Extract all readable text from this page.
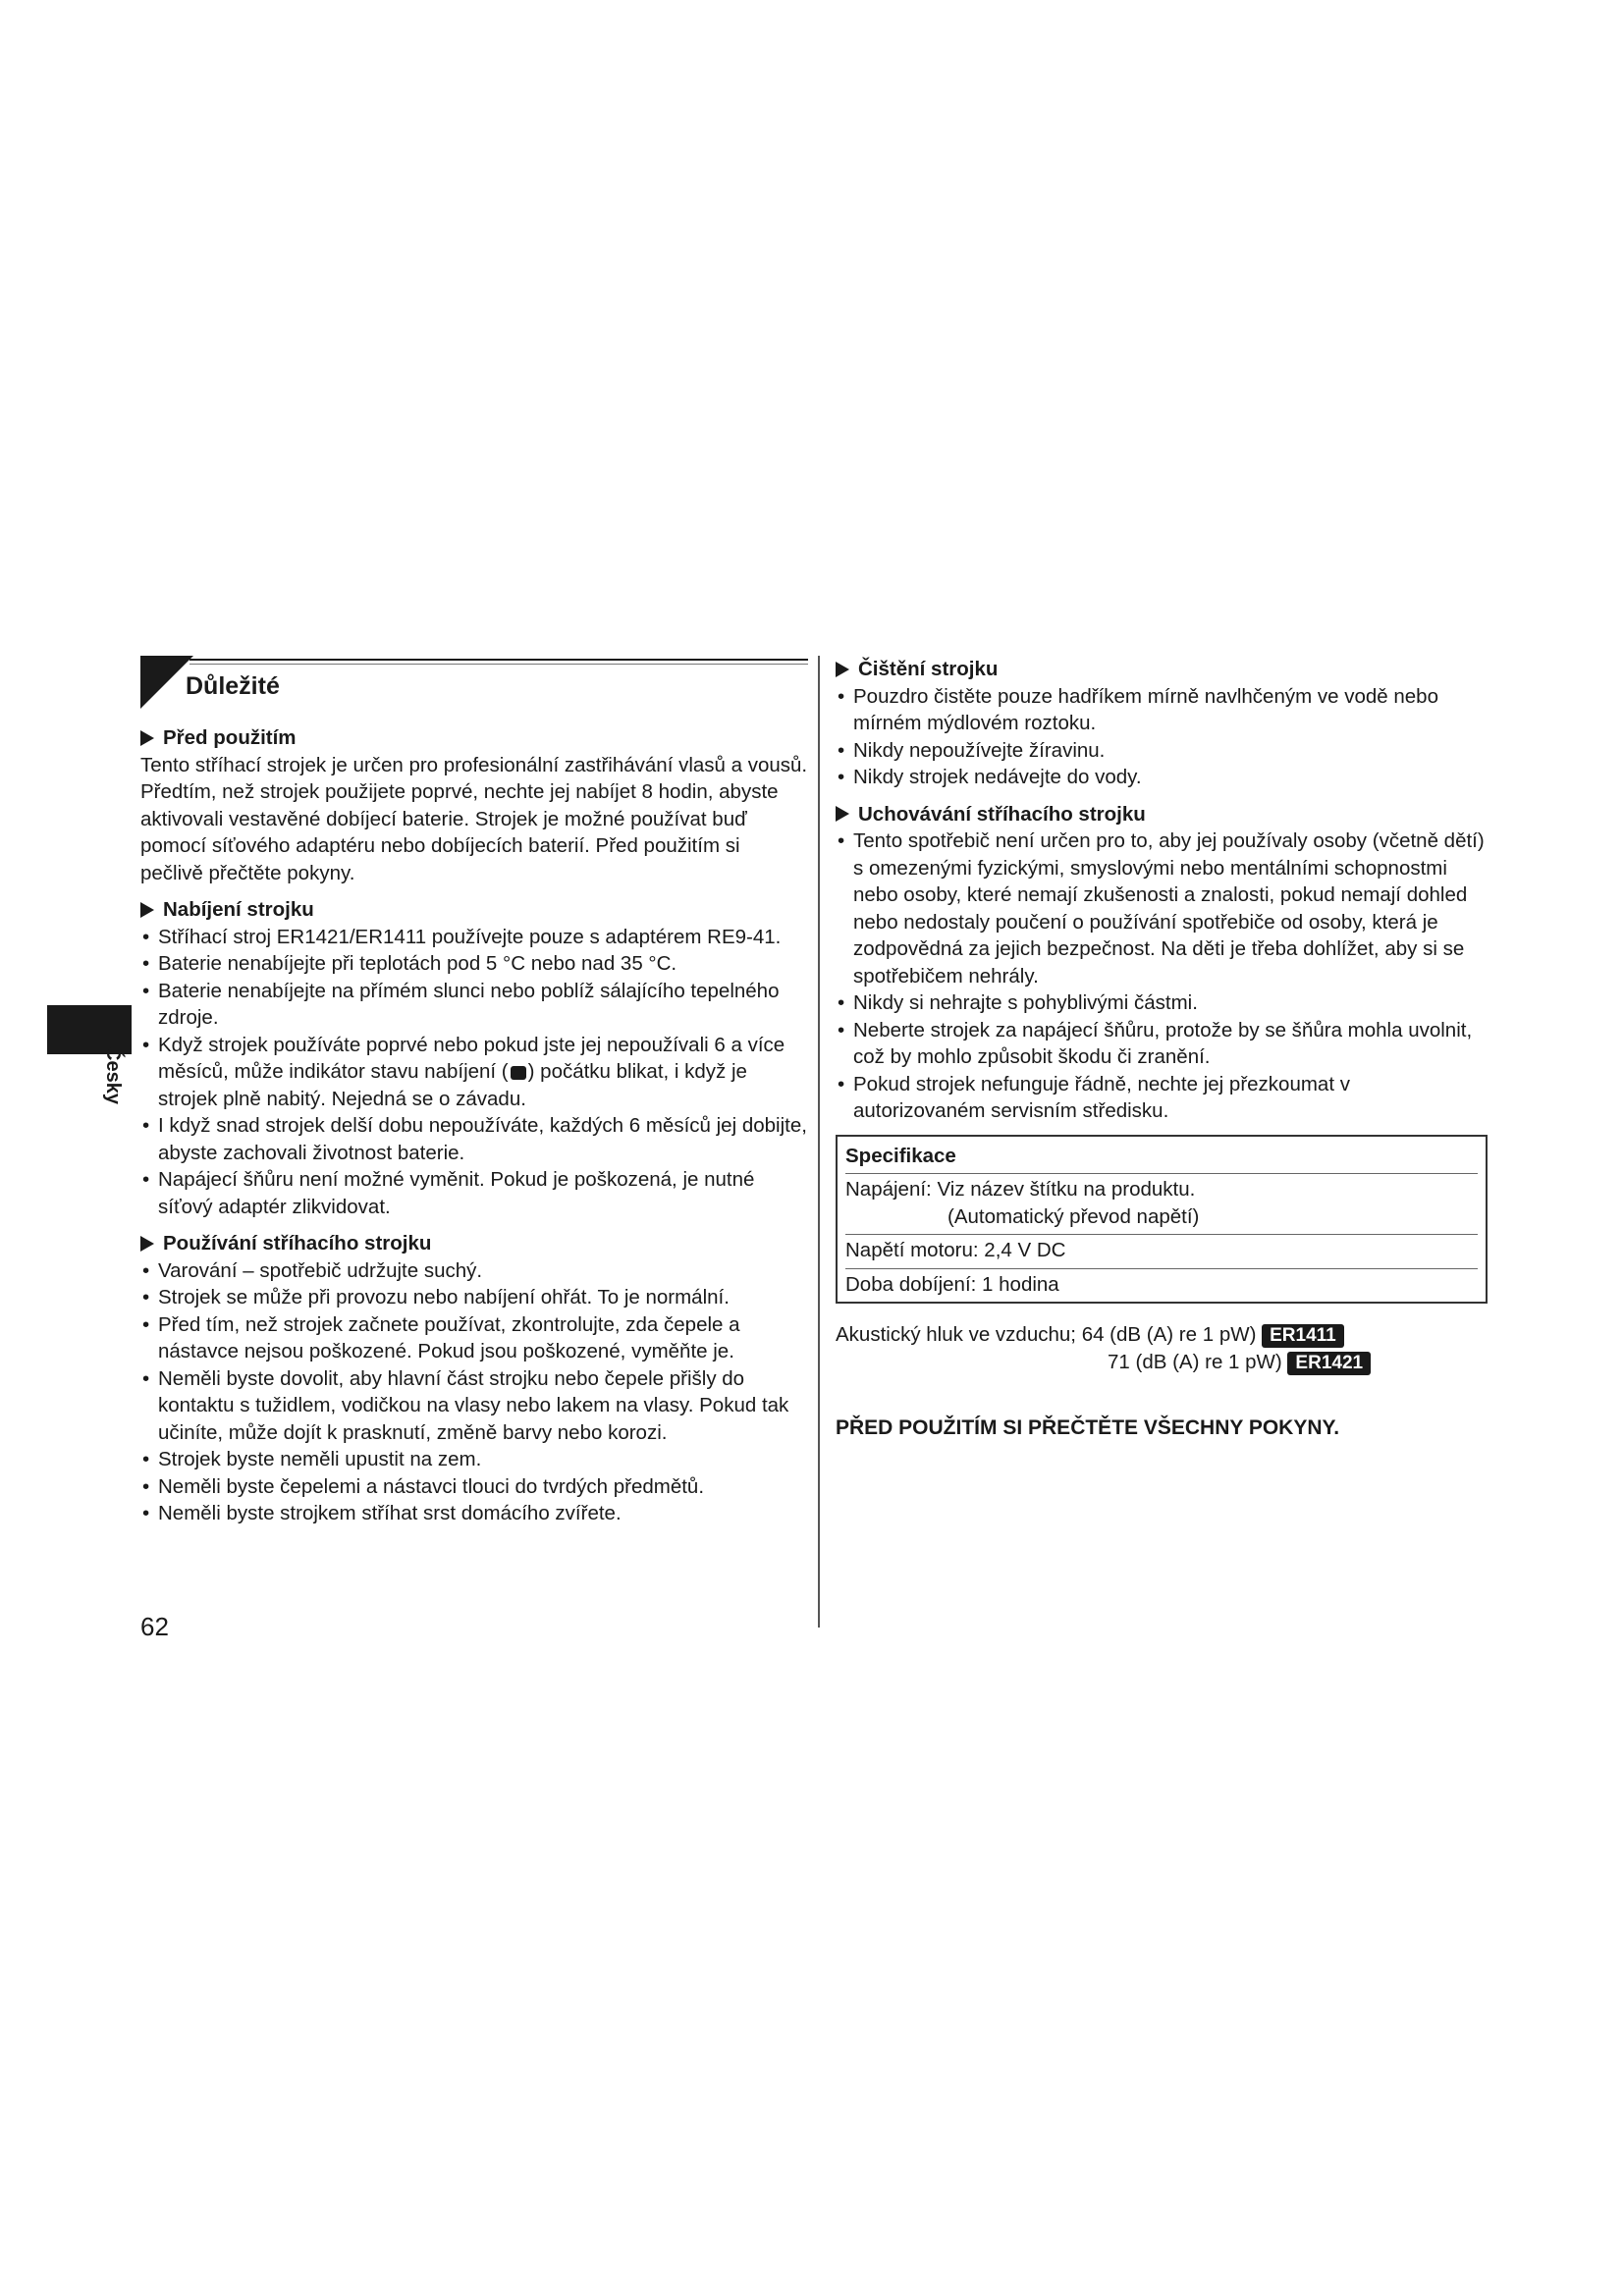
Česky
Důležité
Před použitím

Tento stříhací strojek je určen pro profesionální zastřihávání vlasů a vousů. Předtím, než strojek použijete poprvé, nechte jej nabíjet 8 hodin, abyste aktivovali vestavěné dobíjecí baterie. Strojek je možné používat buď pomocí síťového adaptéru nebo dobíjecích baterií. Před použitím si pečlivě přečtěte pokyny.

Nabíjení strojku
• Stříhací stroj ER1421/ER1411 používejte pouze s adaptérem RE9-41.
• Baterie nenabíjejte při teplotách pod 5 °C nebo nad 35 °C.
• Baterie nenabíjejte na přímém slunci nebo poblíž sálajícího tepelného zdroje.
• Když strojek používáte poprvé nebo pokud jste jej nepoužívali 6 a více měsíců, může indikátor stavu nabíjení ( ) počátku blikat, i když je strojek plně nabitý. Nejedná se o závadu.
• I když snad strojek delší dobu nepoužíváte, každých 6 měsíců jej dobijte, abyste zachovali životnost baterie.
• Napájecí šňůru není možné vyměnit. Pokud je poškozená, je nutné síťový adaptér zlikvidovat.
Používání stříhacího strojku
• Varování – spotřebič udržujte suchý.
• Strojek se může při provozu nebo nabíjení ohřát. To je normální.
• Před tím, než strojek začnete používat, zkontrolujte, zda čepele a nástavce nejsou poškozené. Pokud jsou poškozené, vyměňte je.
• Neměli byste dovolit, aby hlavní část strojku nebo čepele přišly do kontaktu s tužidlem, vodičkou na vlasy nebo lakem na vlasy. Pokud tak učiníte, může dojít k prasknutí, změně barvy nebo korozi.
• Strojek byste neměli upustit na zem.
• Neměli byste čepelemi a nástavci tlouci do tvrdých předmětů.
• Neměli byste strojkem stříhat srst domácího zvířete.
Čištění strojku
• Pouzdro čistěte pouze hadříkem mírně navlhčeným ve vodě nebo mírném mýdlovém roztoku.
• Nikdy nepoužívejte žíravinu.
• Nikdy strojek nedávejte do vody.
Uchovávání stříhacího strojku
• Tento spotřebič není určen pro to, aby jej používaly osoby (včetně dětí) s omezenými fyzickými, smyslovými nebo mentálními schopnostmi nebo osoby, které nemají zkušenosti a znalosti, pokud nemají dohled nebo nedostaly poučení o používání spotřebiče od osoby, která je zodpovědná za jejich bezpečnost. Na děti je třeba dohlížet, aby si se spotřebičem nehrály.
• Nikdy si nehrajte s pohyblivými částmi.
• Neberte strojek za napájecí šňůru, protože by se šňůra mohla uvolnit, což by mohlo způsobit škodu či zranění.
• Pokud strojek nefunguje řádně, nechte jej přezkoumat v autorizovaném servisním středisku.
Specifikace
Napájení: Viz název štítku na produktu.
(Automatický převod napětí)
Napětí motoru: 2,4 V DC
Doba dobíjení: 1 hodina
Akustický hluk ve vzduchu; 64 (dB (A) re 1 pW) ER1411
71 (dB (A) re 1 pW) ER1421
PŘED POUŽITÍM SI PŘEČTĚTE VŠECHNY POKYNY.
62
